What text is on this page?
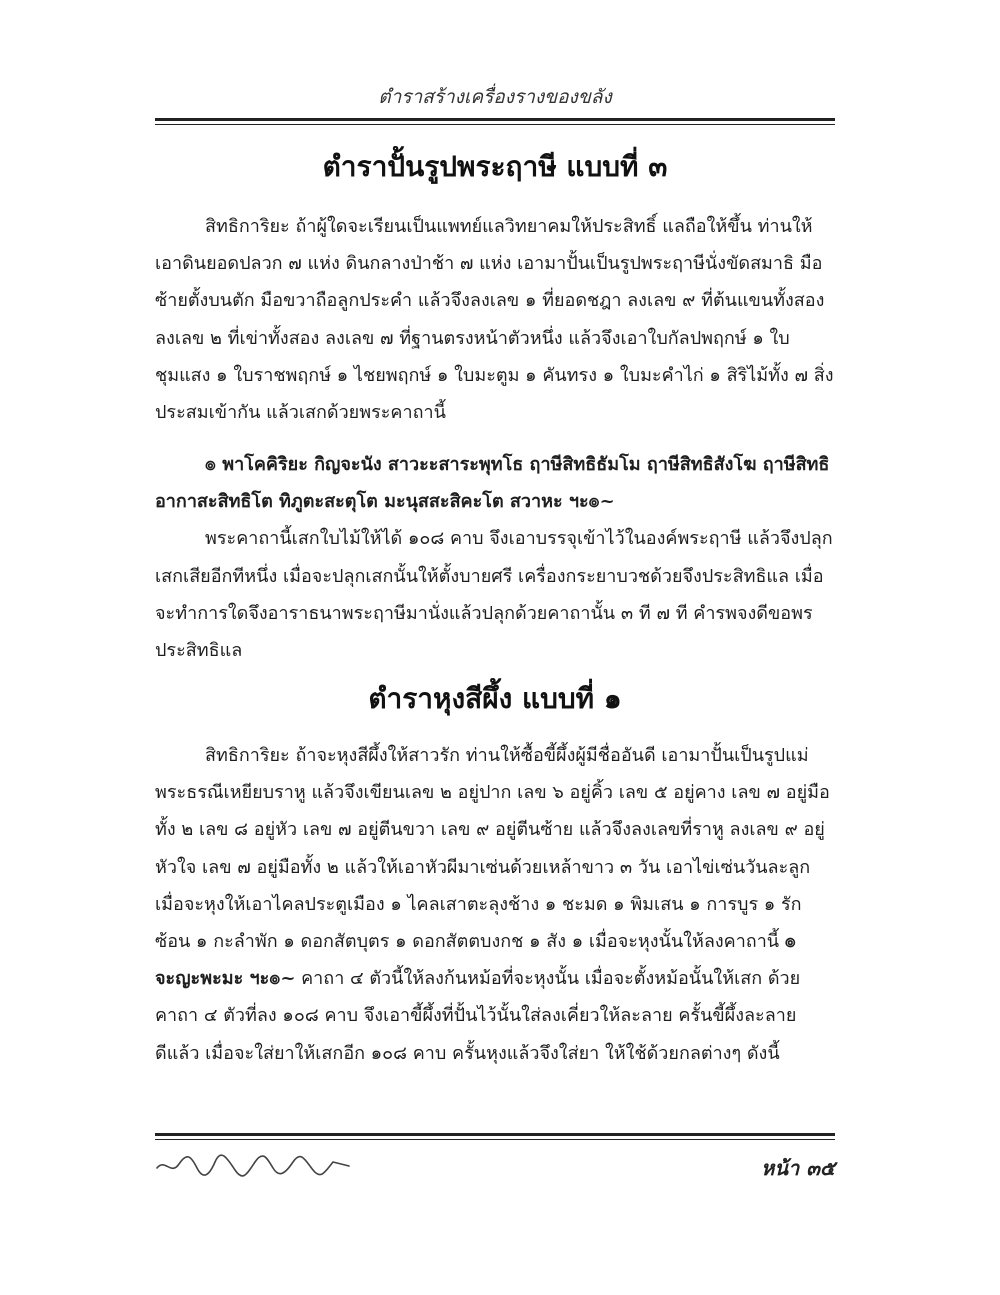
ตำราสร้างเครื่องรางของขลัง
ตำราปั้นรูปพระฤาษี แบบที่ ๓

สิทธิการิยะ ถ้าผู้ใดจะเรียนเป็นแพทย์แลวิทยาคมให้ประสิทธิ์ แลถือให้ขึ้น ท่านให้เอาดินยอดปลวก ๗ แห่ง ดินกลางป่าช้า ๗ แห่ง เอามาปั้นเป็นรูปพระฤาษีนั่งขัดสมาธิ มือซ้ายตั้งบนตัก มือขวาถือลูกประคำ แล้วจึงลงเลข ๑ ที่ยอดชฎา ลงเลข ๙ ที่ต้นแขนทั้งสอง ลงเลข ๒ ที่เข่าทั้งสอง ลงเลข ๗ ที่ฐานตรงหน้าตัวหนึ่ง แล้วจึงเอาใบกัลปพฤกษ์ ๑ ใบชุมแสง ๑ ใบราชพฤกษ์ ๑ ไชยพฤกษ์ ๑ ใบมะตูม ๑ คันทรง ๑ ใบมะคำไก่ ๑ สิริไม้ทั้ง ๗ สิ่งประสมเข้ากัน แล้วเสกด้วยพระคาถานี้

๏ พาโคคิริยะ กิญจะนัง สาวะะสาระพุทโธ ฤาษีสิทธิธัมโม ฤาษีสิทธิสังโฆ ฤาษีสิทธิอากาสะสิทธิโต ทิภูตะสะตุโต มะนุสสะสิคะโต สวาหะ ฯะ๏~

พระคาถานี้เสกใบไม้ให้ได้ ๑๐๘ คาบ จึงเอาบรรจุเข้าไว้ในองค์พระฤาษี แล้วจึงปลุกเสกเสียอีกทีหนึ่ง เมื่อจะปลุกเสกนั้นให้ตั้งบายศรี เครื่องกระยาบวชด้วยจึงประสิทธิแล เมื่อจะทำการใดจึงอาราธนาพระฤาษีมานั่งแล้วปลุกด้วยคาถานั้น ๓ ที ๗ ที คำรพจงดีขอพรประสิทธิแล

ตำราหุงสีผึ้ง แบบที่ ๑

สิทธิการิยะ ถ้าจะหุงสีผึ้งให้สาวรัก ท่านให้ซื้อขี้ผึ้งผู้มีชื่ออันดี เอามาปั้นเป็นรูปแม่พระธรณีเหยียบราหู แล้วจึงเขียนเลข ๒ อยู่ปาก เลข ๖ อยู่คิ้ว เลข ๕ อยู่คาง เลข ๗ อยู่มือทั้ง ๒ เลข ๘ อยู่หัว เลข ๗ อยู่ตีนขวา เลข ๙ อยู่ตีนซ้าย แล้วจึงลงเลขที่ราหู ลงเลข ๙ อยู่หัวใจ เลข ๗ อยู่มือทั้ง ๒ แล้วให้เอาหัวผีมาเซ่นด้วยเหล้าขาว ๓ วัน เอาไข่เซ่นวันละลูก เมื่อจะหุงให้เอาไคลประตูเมือง ๑ ไคลเสาตะลุงช้าง ๑ ชะมด ๑ พิมเสน ๑ การบูร ๑ รักซ้อน ๑ กะลำพัก ๑ ดอกสัตบุตร ๑ ดอกสัตตบงกช ๑ สัง ๑ เมื่อจะหุงนั้นให้ลงคาถานี้ ๏ จะญะพะมะ ฯะ๏~ คาถา ๔ ตัวนี้ให้ลงก้นหม้อที่จะหุงนั้น เมื่อจะตั้งหม้อนั้นให้เสก ด้วยคาถา ๔ ตัวที่ลง ๑๐๘ คาบ จึงเอาขี้ผึ้งที่ปั้นไว้นั้นใส่ลงเคี่ยวให้ละลาย ครั้นขี้ผึ้งละลายดีแล้ว เมื่อจะใส่ยาให้เสกอีก ๑๐๘ คาบ ครั้นหุงแล้วจึงใส่ยา ให้ใช้ด้วยกลต่างๆ ดังนี้

หน้า ๓๕
